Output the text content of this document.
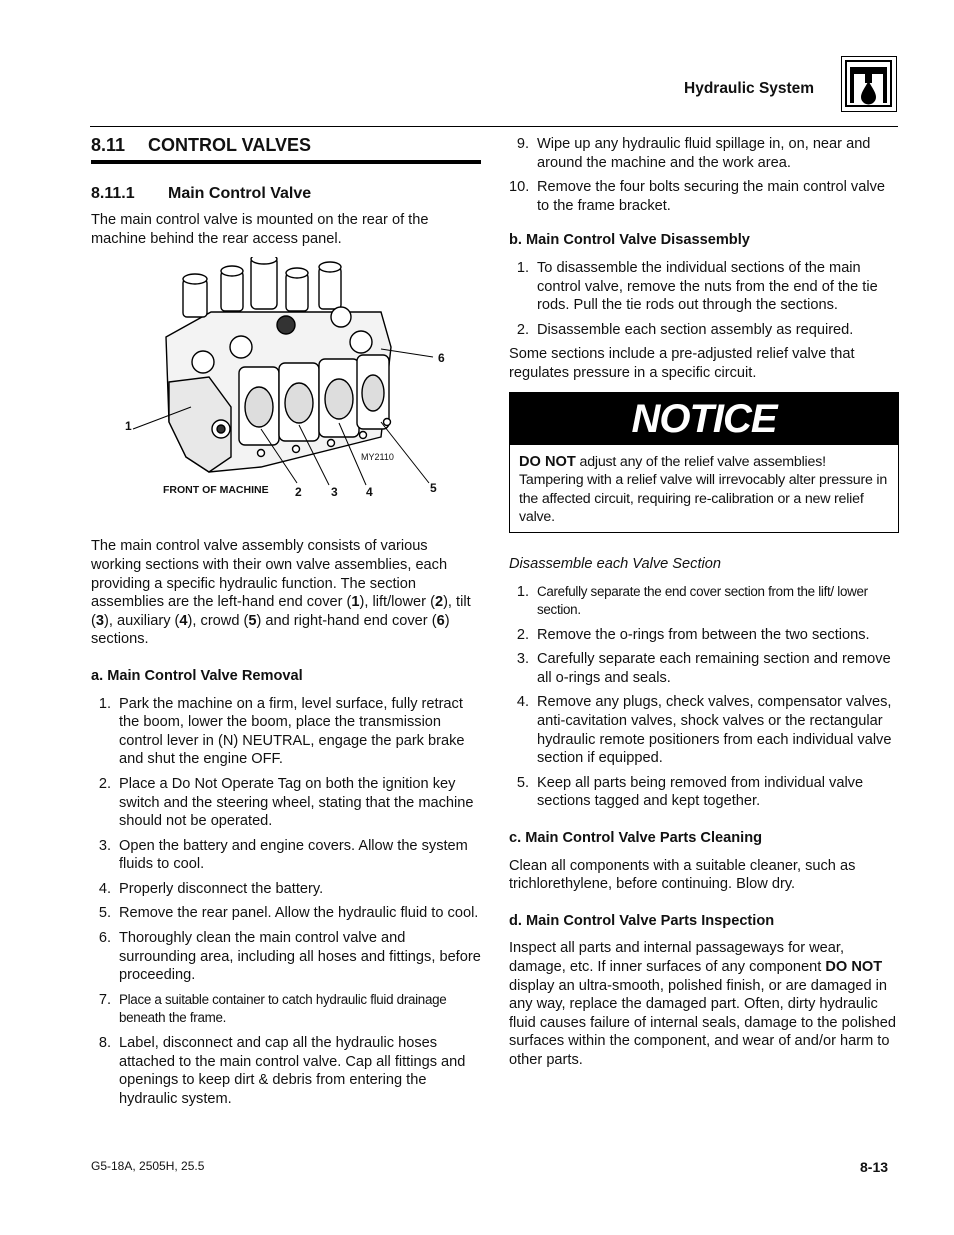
Hydraulic System
8.11	CONTROL VALVES
8.11.1	Main Control Valve

The main control valve is mounted on the rear of the machine behind the rear access panel.

1
2 3 4	5
6
MY2110
FRONT OF MACHINE

The main control valve assembly consists of various working sections with their own valve assemblies, each providing a specific hydraulic function. The section assemblies are the left-hand end cover (1), lift/lower (2), tilt (3), auxiliary (4), crowd (5) and right-hand end cover (6) sections.

a. Main Control Valve Removal
1. Park the machine on a firm, level surface, fully retract the boom, lower the boom, place the transmission control lever in (N) NEUTRAL, engage the park brake and shut the engine OFF.
2. Place a Do Not Operate Tag on both the ignition key switch and the steering wheel, stating that the machine should not be operated.
3. Open the battery and engine covers. Allow the system fluids to cool.
4. Properly disconnect the battery.
5. Remove the rear panel. Allow the hydraulic fluid to cool.
6. Thoroughly clean the main control valve and surrounding area, including all hoses and fittings, before proceeding.
7. Place a suitable container to catch hydraulic fluid drainage beneath the frame.
8. Label, disconnect and cap all the hydraulic hoses attached to the main control valve. Cap all fittings and openings to keep dirt & debris from entering the hydraulic system.
9. Wipe up any hydraulic fluid spillage in, on, near and around the machine and the work area.
10. Remove the four bolts securing the main control valve to the frame bracket.
b. Main Control Valve Disassembly
1. To disassemble the individual sections of the main control valve, remove the nuts from the end of the tie rods. Pull the tie rods out through the sections.
2. Disassemble each section assembly as required.

Some sections include a pre-adjusted relief valve that regulates pressure in a specific circuit.

NOTICE
DO NOT adjust any of the relief valve assemblies! Tampering with a relief valve will irrevocably alter pressure in the affected circuit, requiring re-calibration or a new relief valve.

Disassemble each Valve Section

1. Carefully separate the end cover section from the lift/ lower section.
2. Remove the o-rings from between the two sections.
3. Carefully separate each remaining section and remove all o-rings and seals.
4. Remove any plugs, check valves, compensator valves, anti-cavitation valves, shock valves or the rectangular hydraulic remote positioners from each individual valve section if equipped.
5. Keep all parts being removed from individual valve sections tagged and kept together.
c. Main Control Valve Parts Cleaning

Clean all components with a suitable cleaner, such as trichlorethylene, before continuing. Blow dry.

d. Main Control Valve Parts Inspection

Inspect all parts and internal passageways for wear, damage, etc. If inner surfaces of any component DO NOT display an ultra-smooth, polished finish, or are damaged in any way, replace the damaged part. Often, dirty hydraulic fluid causes failure of internal seals, damage to the polished surfaces within the component, and wear of and/or harm to other parts.

G5-18A, 2505H, 25.5	8-13
